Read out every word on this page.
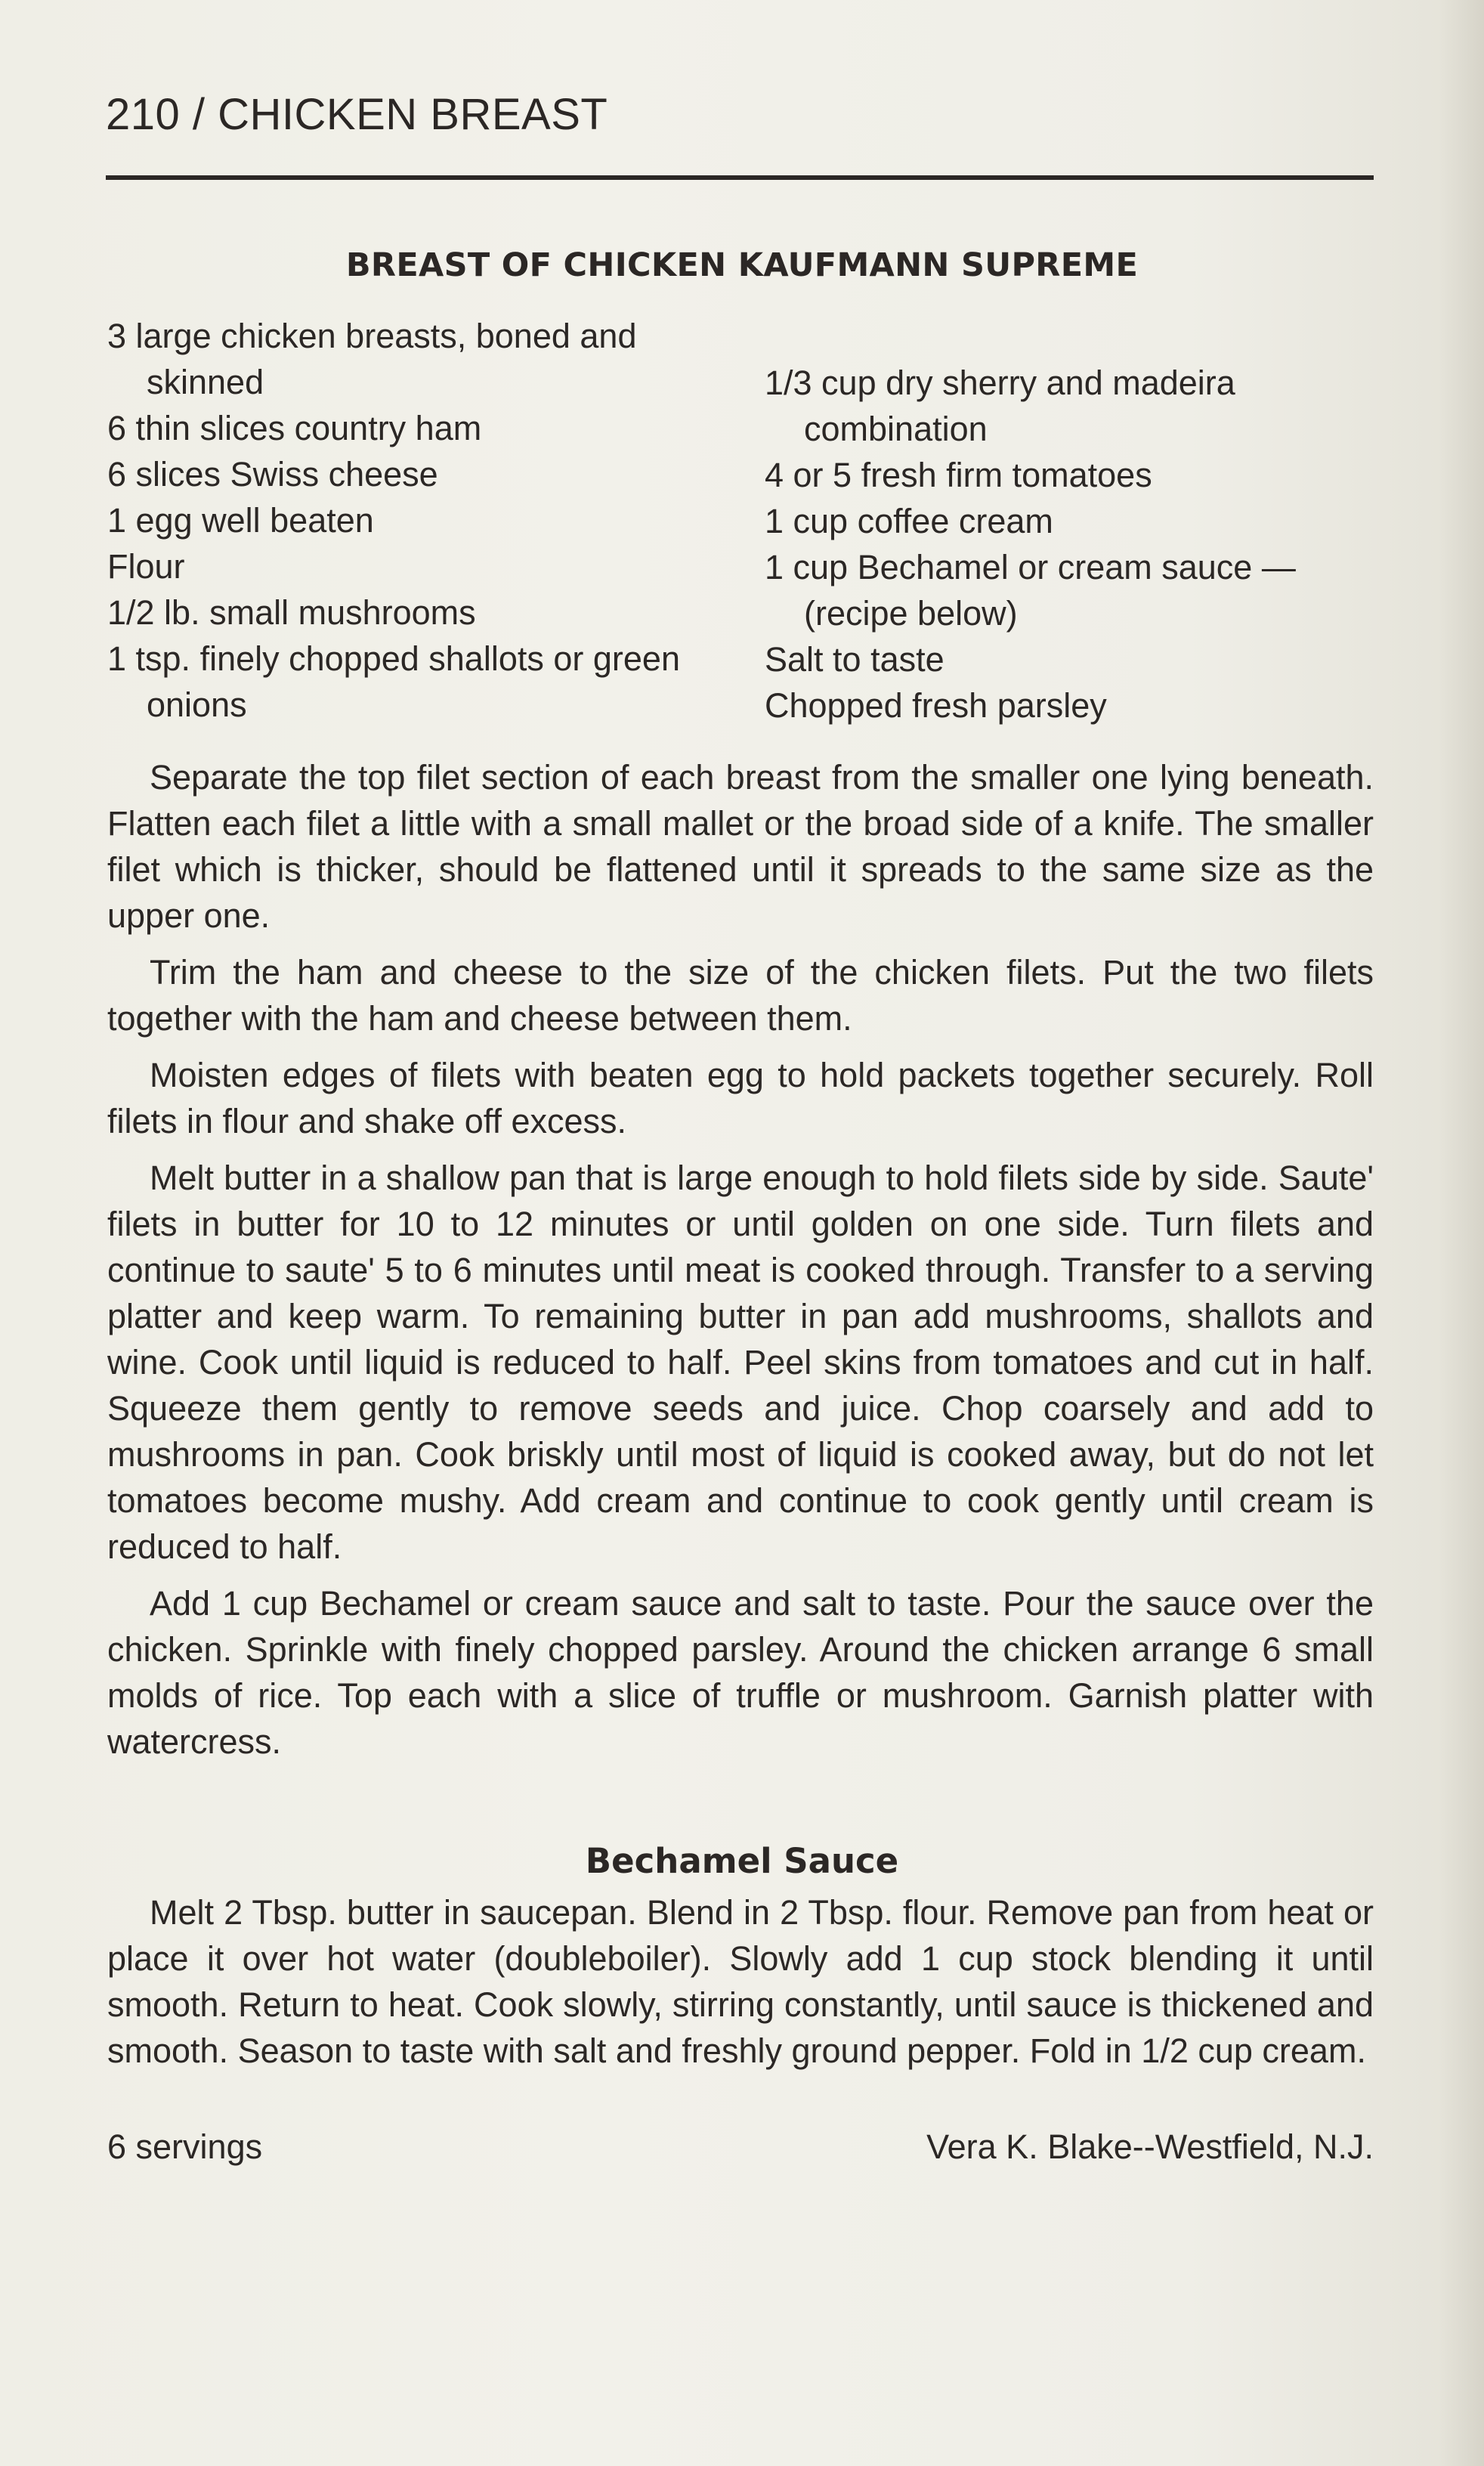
210 / CHICKEN BREAST
BREAST OF CHICKEN KAUFMANN SUPREME
3 large chicken breasts, boned and skinned
6 thin slices country ham
6 slices Swiss cheese
1 egg well beaten
Flour
1/2 lb. small mushrooms
1 tsp. finely chopped shallots or green onions
1/3 cup dry sherry and madeira combination
4 or 5 fresh firm tomatoes
1 cup coffee cream
1 cup Bechamel or cream sauce — (recipe below)
Salt to taste
Chopped fresh parsley

Separate the top filet section of each breast from the smaller one lying beneath. Flatten each filet a little with a small mallet or the broad side of a knife. The smaller filet which is thicker, should be flattened until it spreads to the same size as the upper one.

Trim the ham and cheese to the size of the chicken filets. Put the two filets together with the ham and cheese between them.

Moisten edges of filets with beaten egg to hold packets together securely. Roll filets in flour and shake off excess.

Melt butter in a shallow pan that is large enough to hold filets side by side. Saute' filets in butter for 10 to 12 minutes or until golden on one side. Turn filets and continue to saute' 5 to 6 minutes until meat is cooked through. Transfer to a serving platter and keep warm. To remaining butter in pan add mushrooms, shallots and wine. Cook until liquid is reduced to half. Peel skins from tomatoes and cut in half. Squeeze them gently to remove seeds and juice. Chop coarsely and add to mushrooms in pan. Cook briskly until most of liquid is cooked away, but do not let tomatoes become mushy. Add cream and continue to cook gently until cream is reduced to half.

Add 1 cup Bechamel or cream sauce and salt to taste. Pour the sauce over the chicken. Sprinkle with finely chopped parsley. Around the chicken arrange 6 small molds of rice. Top each with a slice of truffle or mushroom. Garnish platter with watercress.

Bechamel Sauce

Melt 2 Tbsp. butter in saucepan. Blend in 2 Tbsp. flour. Remove pan from heat or place it over hot water (doubleboiler). Slowly add 1 cup stock blending it until smooth. Return to heat. Cook slowly, stirring constantly, until sauce is thickened and smooth. Season to taste with salt and freshly ground pepper. Fold in 1/2 cup cream.

6 servings	Vera K. Blake--Westfield, N.J.
